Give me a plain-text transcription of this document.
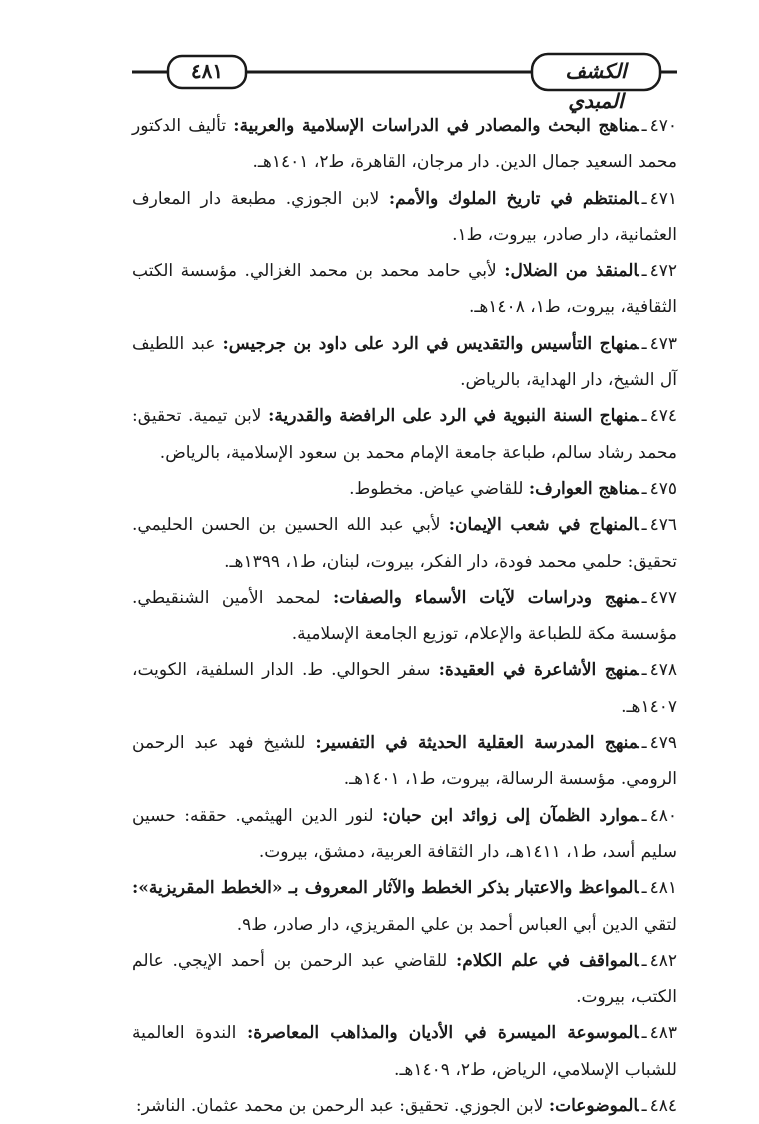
٤٨١	الكشف المبدي

٤٧٠ـمناهج البحث والمصادر في الدراسات الإسلامية والعربية: تأليف الدكتور محمد السعيد جمال الدين. دار مرجان، القاهرة، ط٢، ١٤٠١هـ.

٤٧١ـالمنتظم في تاريخ الملوك والأمم: لابن الجوزي. مطبعة دار المعارف العثمانية، دار صادر، بيروت، ط١.

٤٧٢ـالمنقذ من الضلال: لأبي حامد محمد بن محمد الغزالي. مؤسسة الكتب الثقافية، بيروت، ط١، ١٤٠٨هـ.

٤٧٣ـمنهاج التأسيس والتقديس في الرد على داود بن جرجيس: عبد اللطيف آل الشيخ، دار الهداية، بالرياض.

٤٧٤ـمنهاج السنة النبوية في الرد على الرافضة والقدرية: لابن تيمية. تحقيق: محمد رشاد سالم، طباعة جامعة الإمام محمد بن سعود الإسلامية، بالرياض.

٤٧٥ـمناهج العوارف: للقاضي عياض. مخطوط.

٤٧٦ـالمنهاج في شعب الإيمان: لأبي عبد الله الحسين بن الحسن الحليمي. تحقيق: حلمي محمد فودة، دار الفكر، بيروت، لبنان، ط١، ١٣٩٩هـ.

٤٧٧ـمنهج ودراسات لآيات الأسماء والصفات: لمحمد الأمين الشنقيطي. مؤسسة مكة للطباعة والإعلام، توزيع الجامعة الإسلامية.

٤٧٨ـمنهج الأشاعرة في العقيدة: سفر الحوالي. ط. الدار السلفية، الكويت، ١٤٠٧هـ.

٤٧٩ـمنهج المدرسة العقلية الحديثة في التفسير: للشيخ فهد عبد الرحمن الرومي. مؤسسة الرسالة، بيروت، ط١، ١٤٠١هـ.

٤٨٠ـموارد الظمآن إلى زوائد ابن حبان: لنور الدين الهيثمي. حققه: حسين سليم أسد، ط١، ١٤١١هـ، دار الثقافة العربية، دمشق، بيروت.

٤٨١ـالمواعظ والاعتبار بذكر الخطط والآثار المعروف بـ «الخطط المقريزية»: لتقي الدين أبي العباس أحمد بن علي المقريزي، دار صادر، ط٩.

٤٨٢ـالمواقف في علم الكلام: للقاضي عبد الرحمن بن أحمد الإيجي. عالم الكتب، بيروت.

٤٨٣ـالموسوعة الميسرة في الأديان والمذاهب المعاصرة: الندوة العالمية للشباب الإسلامي، الرياض، ط٢، ١٤٠٩هـ.

٤٨٤ـالموضوعات: لابن الجوزي. تحقيق: عبد الرحمن بن محمد عثمان. الناشر:
